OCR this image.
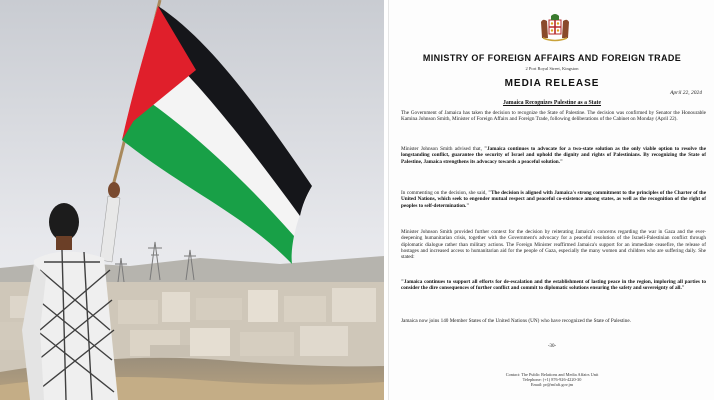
MINISTRY OF FOREIGN AFFAIRS AND FOREIGN TRADE
2 Port Royal Street, Kingston
MEDIA RELEASE
April 22, 2024
Jamaica Recognizes Palestine as a State

The Government of Jamaica has taken the decision to recognize the State of Palestine. The decision was confirmed by Senator the Honourable Kamina Johnson Smith, Minister of Foreign Affairs and Foreign Trade, following deliberations of the Cabinet on Monday (April 22).

Minister Johnson Smith advised that, "Jamaica continues to advocate for a two-state solution as the only viable option to resolve the longstanding conflict, guarantee the security of Israel and uphold the dignity and rights of Palestinians. By recognizing the State of Palestine, Jamaica strengthens its advocacy towards a peaceful solution."

In commenting on the decision, she said, "The decision is aligned with Jamaica's strong commitment to the principles of the Charter of the United Nations, which seek to engender mutual respect and peaceful co-existence among states, as well as the recognition of the right of peoples to self-determination."

Minister Johnson Smith provided further context for the decision by reiterating Jamaica's concerns regarding the war in Gaza and the ever-deepening humanitarian crisis, together with the Government's advocacy for a peaceful resolution of the Israeli-Palestinian conflict through diplomatic dialogue rather than military actions. The Foreign Minister reaffirmed Jamaica's support for an immediate ceasefire, the release of hostages and increased access to humanitarian aid for the people of Gaza, especially the many women and children who are suffering daily. She stated:

"Jamaica continues to support all efforts for de-escalation and the establishment of lasting peace in the region, imploring all parties to consider the dire consequences of further conflict and commit to diplomatic solutions ensuring the safety and sovereignty of all."

Jamaica now joins 140 Member States of the United Nations (UN) who have recognized the State of Palestine.

-30-
Contact: The Public Relations and Media Affairs Unit
Telephone: (+1) 876-926-4220-30
Email: pr@mfaft.gov.jm
